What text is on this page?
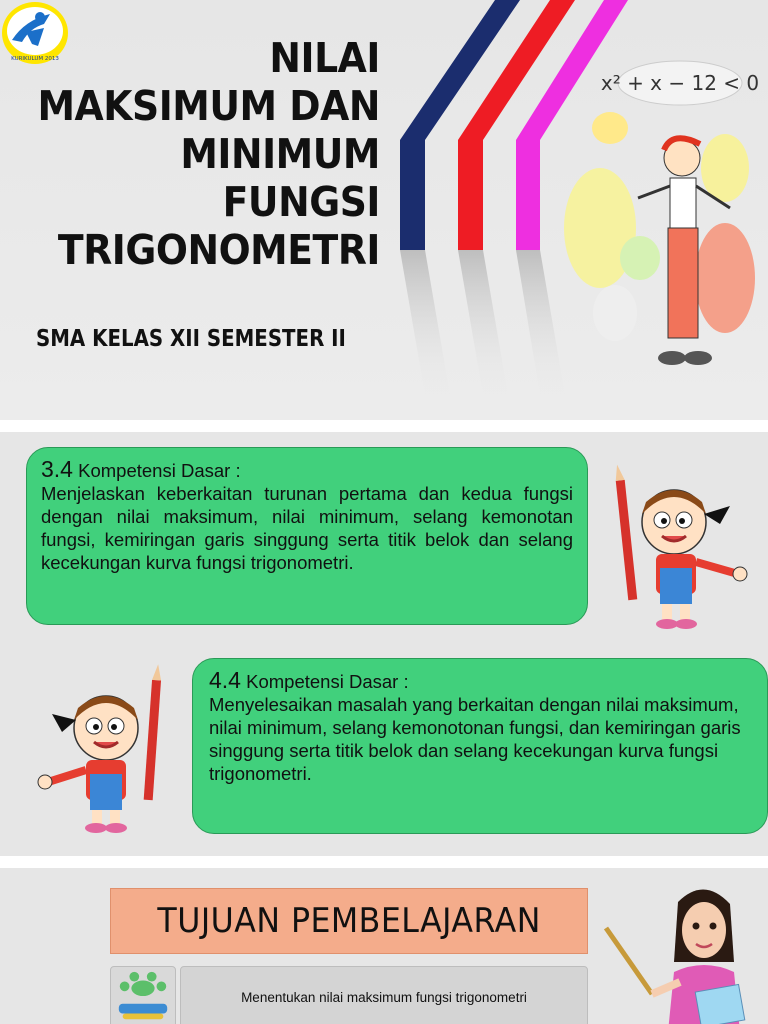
KURIKULUM 2013	NILAI
MAKSIMUM DAN
MINIMUM
FUNGSI
TRIGONOMETRI
SMA KELAS XII SEMESTER II
x² + x − 12 < 0
3.4 Kompetensi Dasar :
Menjelaskan keberkaitan turunan pertama dan kedua fungsi dengan nilai maksimum, nilai minimum, selang kemonotan fungsi, kemiringan garis singgung serta titik belok dan selang kecekungan kurva fungsi trigonometri.
4.4 Kompetensi Dasar :
Menyelesaikan masalah yang berkaitan dengan nilai maksimum, nilai minimum, selang kemonotonan fungsi, dan kemiringan garis singgung serta titik belok dan selang kecekungan kurva fungsi trigonometri.
TUJUAN PEMBELAJARAN
Menentukan nilai maksimum fungsi trigonometri
